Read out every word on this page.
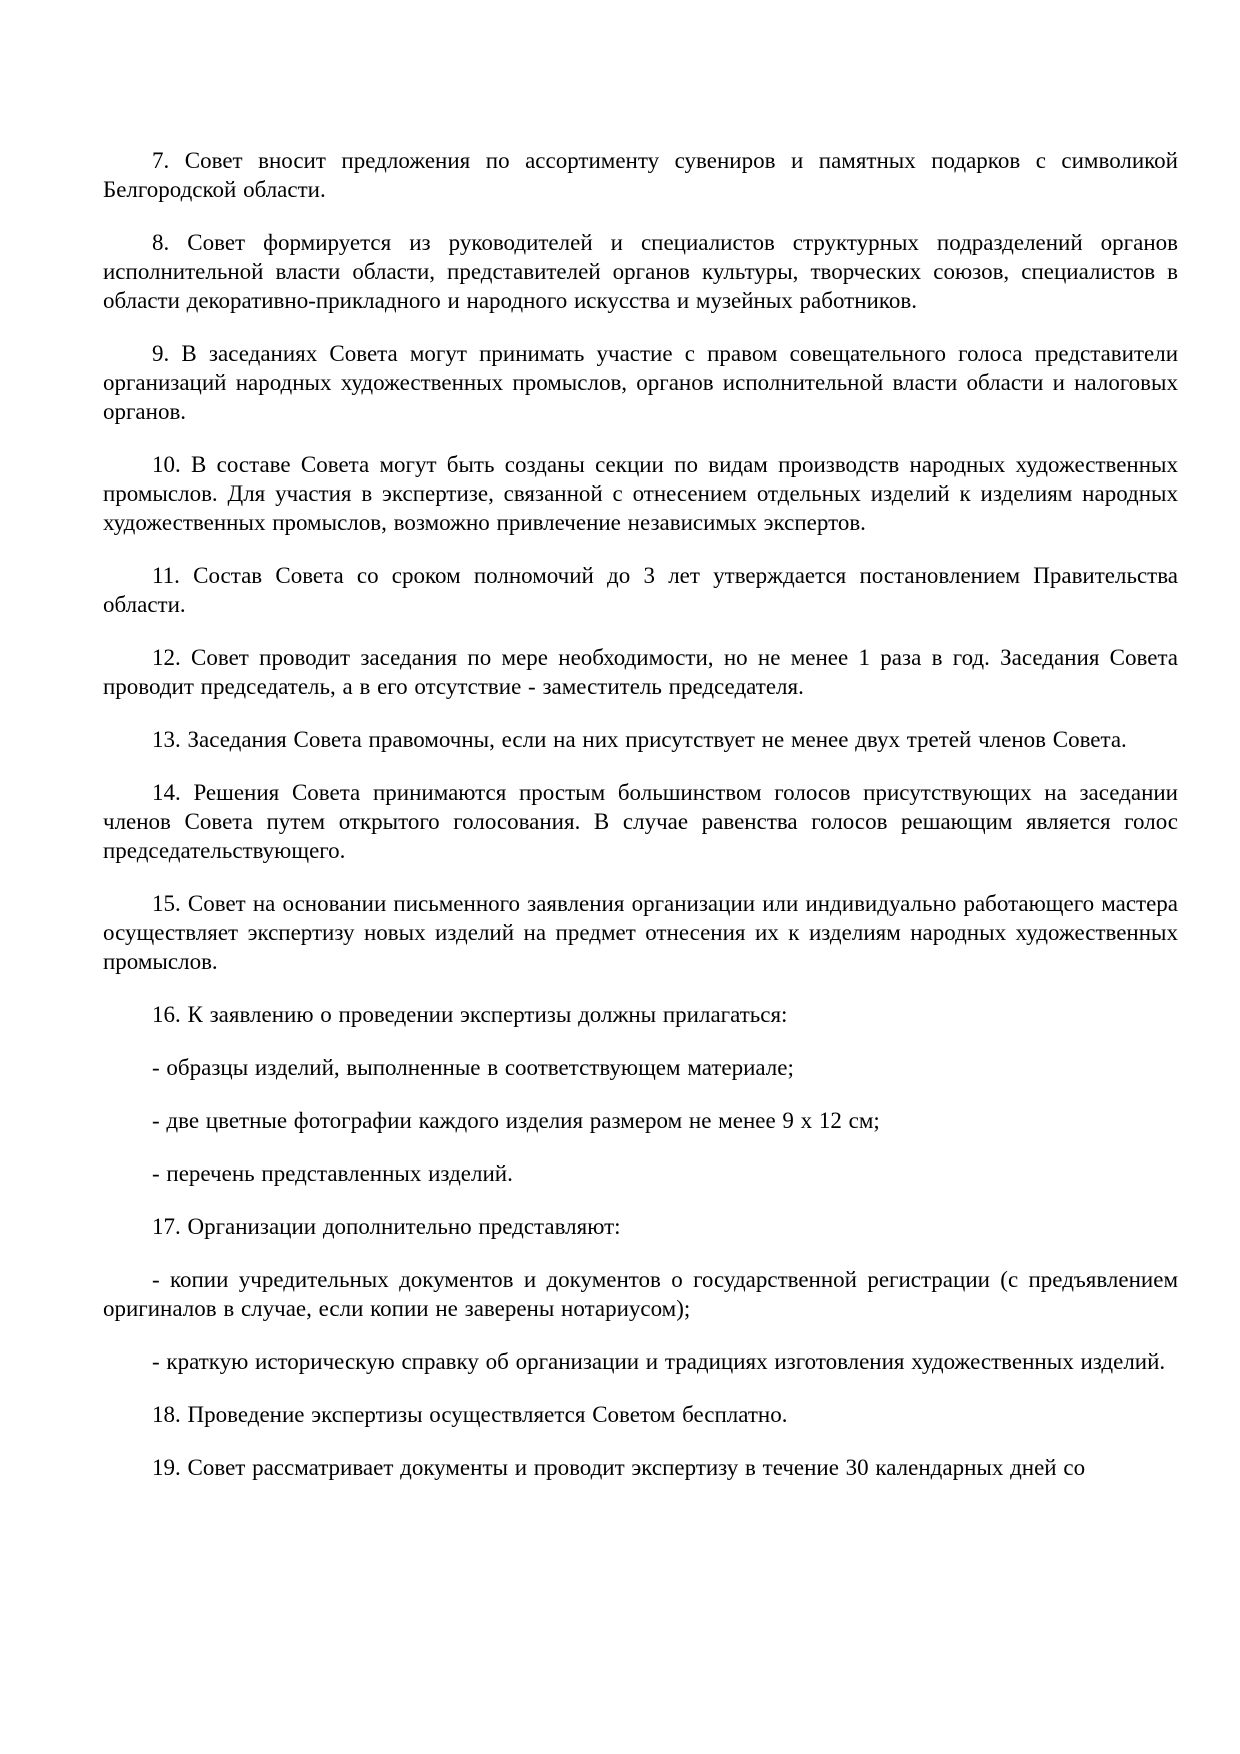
7. Совет вносит предложения по ассортименту сувениров и памятных подарков с символикой Белгородской области.

8. Совет формируется из руководителей и специалистов структурных подразделений органов исполнительной власти области, представителей органов культуры, творческих союзов, специалистов в области декоративно-прикладного и народного искусства и музейных работников.

9. В заседаниях Совета могут принимать участие с правом совещательного голоса представители организаций народных художественных промыслов, органов исполнительной власти области и налоговых органов.

10. В составе Совета могут быть созданы секции по видам производств народных художественных промыслов. Для участия в экспертизе, связанной с отнесением отдельных изделий к изделиям народных художественных промыслов, возможно привлечение независимых экспертов.

11. Состав Совета со сроком полномочий до 3 лет утверждается постановлением Правительства области.

12. Совет проводит заседания по мере необходимости, но не менее 1 раза в год. Заседания Совета проводит председатель, а в его отсутствие - заместитель председателя.

13. Заседания Совета правомочны, если на них присутствует не менее двух третей членов Совета.

14. Решения Совета принимаются простым большинством голосов присутствующих на заседании членов Совета путем открытого голосования. В случае равенства голосов решающим является голос председательствующего.

15. Совет на основании письменного заявления организации или индивидуально работающего мастера осуществляет экспертизу новых изделий на предмет отнесения их к изделиям народных художественных промыслов.

16. К заявлению о проведении экспертизы должны прилагаться:

- образцы изделий, выполненные в соответствующем материале;

- две цветные фотографии каждого изделия размером не менее 9 х 12 см;

- перечень представленных изделий.

17. Организации дополнительно представляют:

- копии учредительных документов и документов о государственной регистрации (с предъявлением оригиналов в случае, если копии не заверены нотариусом);

- краткую историческую справку об организации и традициях изготовления художественных изделий.

18. Проведение экспертизы осуществляется Советом бесплатно.

19. Совет рассматривает документы и проводит экспертизу в течение 30 календарных дней со
